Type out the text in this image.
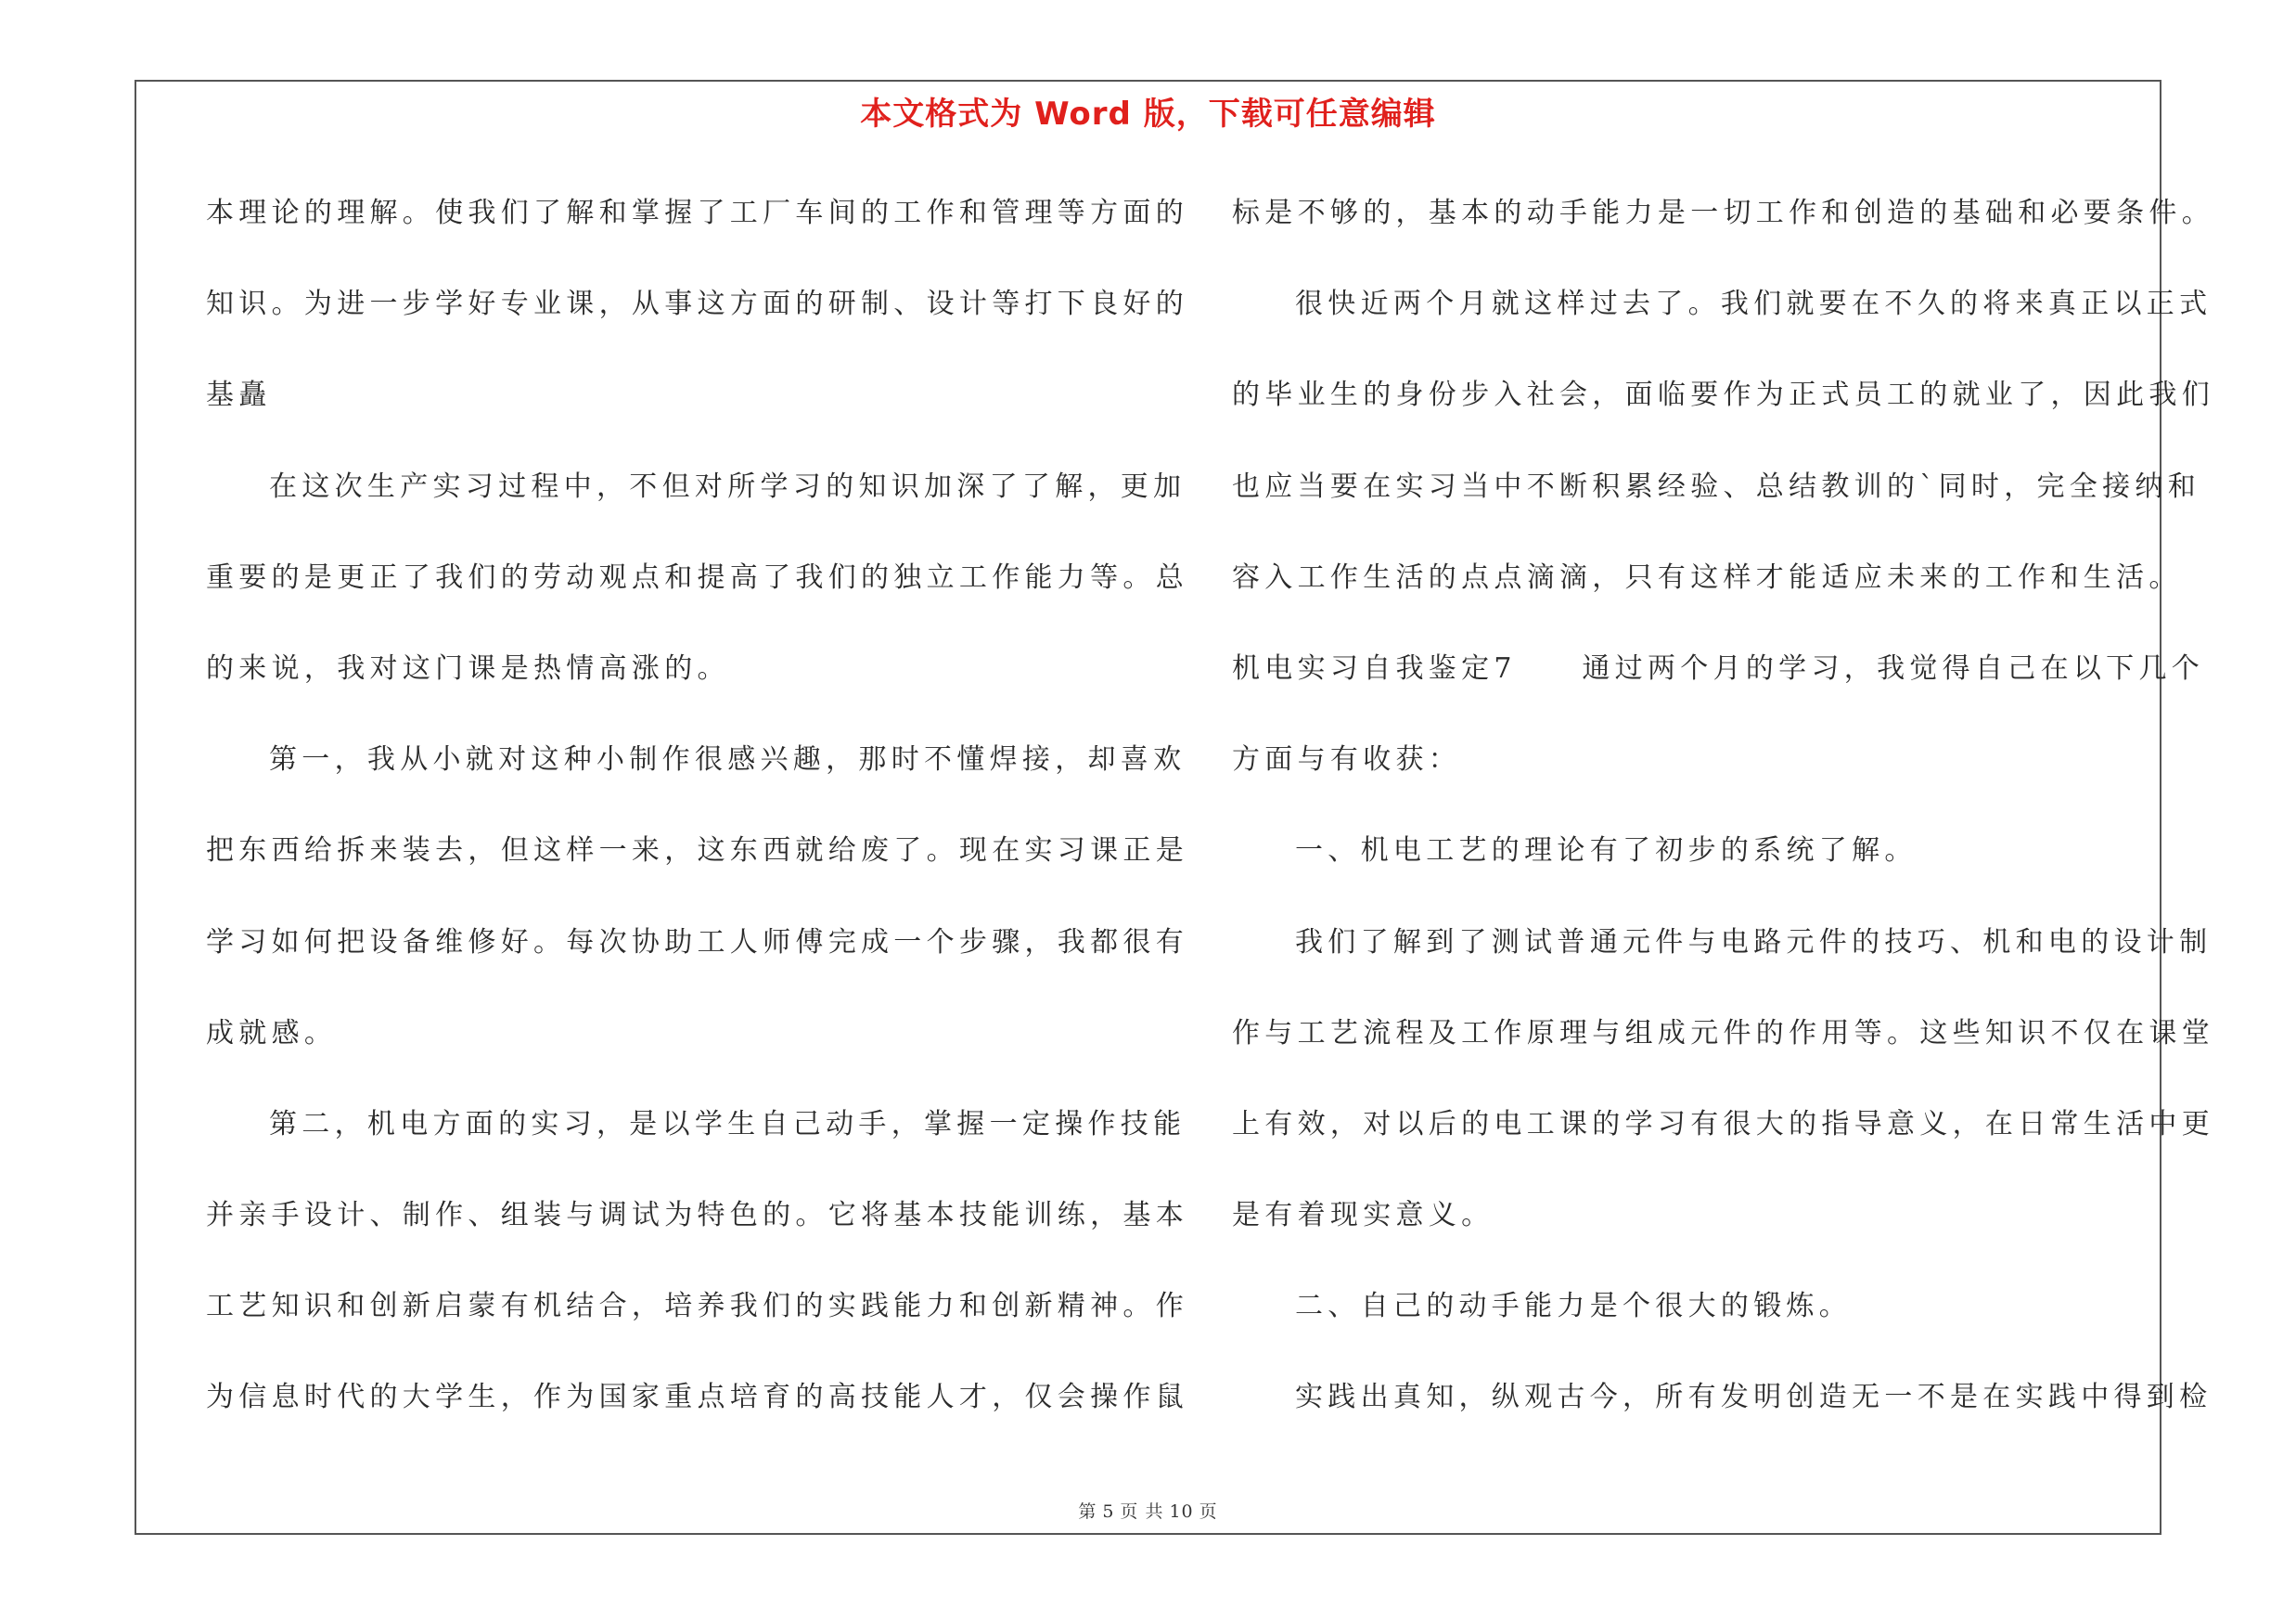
本文格式为 Word 版，下载可任意编辑
本理论的理解。使我们了解和掌握了工厂车间的工作和管理等方面的
知识。为进一步学好专业课，从事这方面的研制、设计等打下良好的
基矗
在这次生产实习过程中，不但对所学习的知识加深了了解，更加
重要的是更正了我们的劳动观点和提高了我们的独立工作能力等。总
的来说，我对这门课是热情高涨的。
第一，我从小就对这种小制作很感兴趣，那时不懂焊接，却喜欢
把东西给拆来装去，但这样一来，这东西就给废了。现在实习课正是
学习如何把设备维修好。每次协助工人师傅完成一个步骤，我都很有
成就感。
第二，机电方面的实习，是以学生自己动手，掌握一定操作技能
并亲手设计、制作、组装与调试为特色的。它将基本技能训练，基本
工艺知识和创新启蒙有机结合，培养我们的实践能力和创新精神。作
为信息时代的大学生，作为国家重点培育的高技能人才，仅会操作鼠
标是不够的，基本的动手能力是一切工作和创造的基础和必要条件。
很快近两个月就这样过去了。我们就要在不久的将来真正以正式
的毕业生的身份步入社会，面临要作为正式员工的就业了，因此我们
也应当要在实习当中不断积累经验、总结教训的`同时，完全接纳和
容入工作生活的点点滴滴，只有这样才能适应未来的工作和生活。
机电实习自我鉴定7　　通过两个月的学习，我觉得自己在以下几个
方面与有收获：
一、机电工艺的理论有了初步的系统了解。
我们了解到了测试普通元件与电路元件的技巧、机和电的设计制
作与工艺流程及工作原理与组成元件的作用等。这些知识不仅在课堂
上有效，对以后的电工课的学习有很大的指导意义，在日常生活中更
是有着现实意义。
二、自己的动手能力是个很大的锻炼。
实践出真知，纵观古今，所有发明创造无一不是在实践中得到检
第 5 页 共 10 页
